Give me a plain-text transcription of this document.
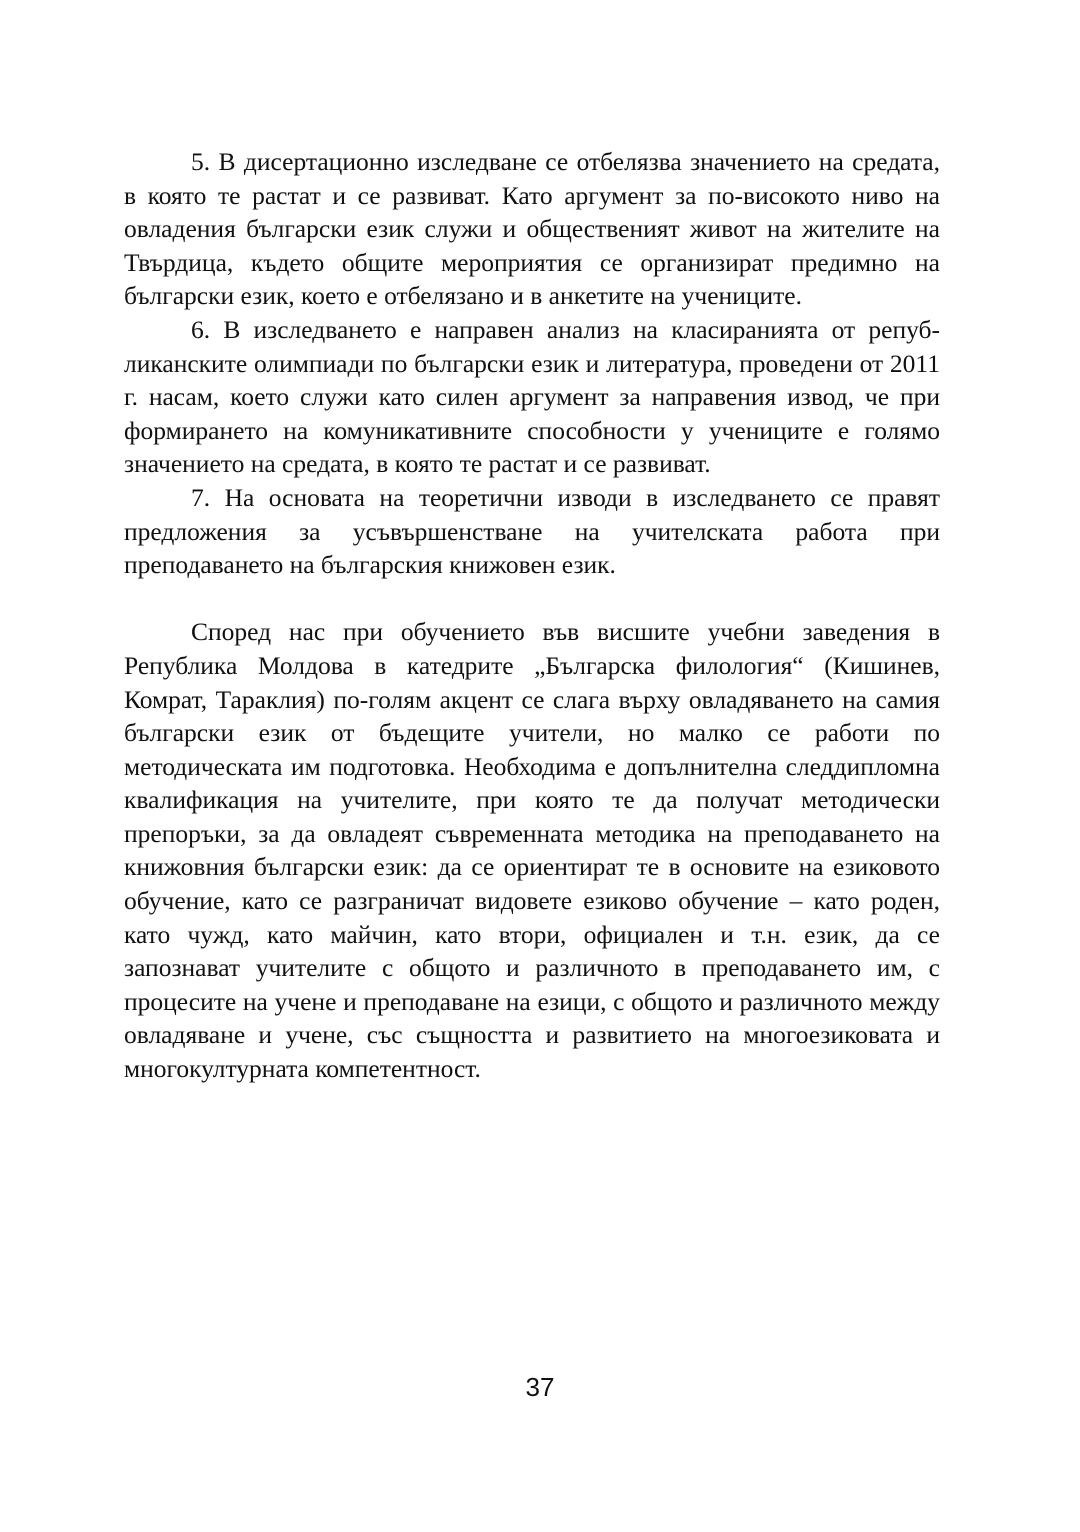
5. В дисертационно изследване се отбелязва значението на средата, в която те растат и се развиват. Като аргумент за по-високото ниво на овладения български език служи и общественият живот на жителите на Твърдица, където общите мероприятия се организират предимно на български език, което е отбелязано и в анкетите на учениците.

6. В изследването е направен анализ на класиранията от републиканските олимпиади по български език и литература, проведени от 2011 г. насам, което служи като силен аргумент за направения извод, че при формирането на комуникативните способности у учениците е голямо значението на средата, в която те растат и се развиват.

7. На основата на теоретични изводи в изследването се правят предложения за усъвършенстване на учителската работа при преподаването на българския книжовен език.

Според нас при обучението във висшите учебни заведения в Република Молдова в катедрите „Българска филология“ (Кишинев, Комрат, Тараклия) по-голям акцент се слага върху овладяването на самия български език от бъдещите учители, но малко се работи по методическата им подготовка. Необходима е допълнителна следдипломна квалификация на учителите, при която те да получат методически препоръки, за да овладеят съвременната методика на преподаването на книжовния български език: да се ориентират те в основите на езиковото обучение, като се разграничат видовете езиково обучение – като роден, като чужд, като майчин, като втори, официален и т.н. език, да се запознават учителите с общото и различното в преподаването им, с процесите на учене и преподаване на езици, с общото и различното между овладяване и учене, със същността и развитието на многоезиковата и многокултурната компетентност.

37
